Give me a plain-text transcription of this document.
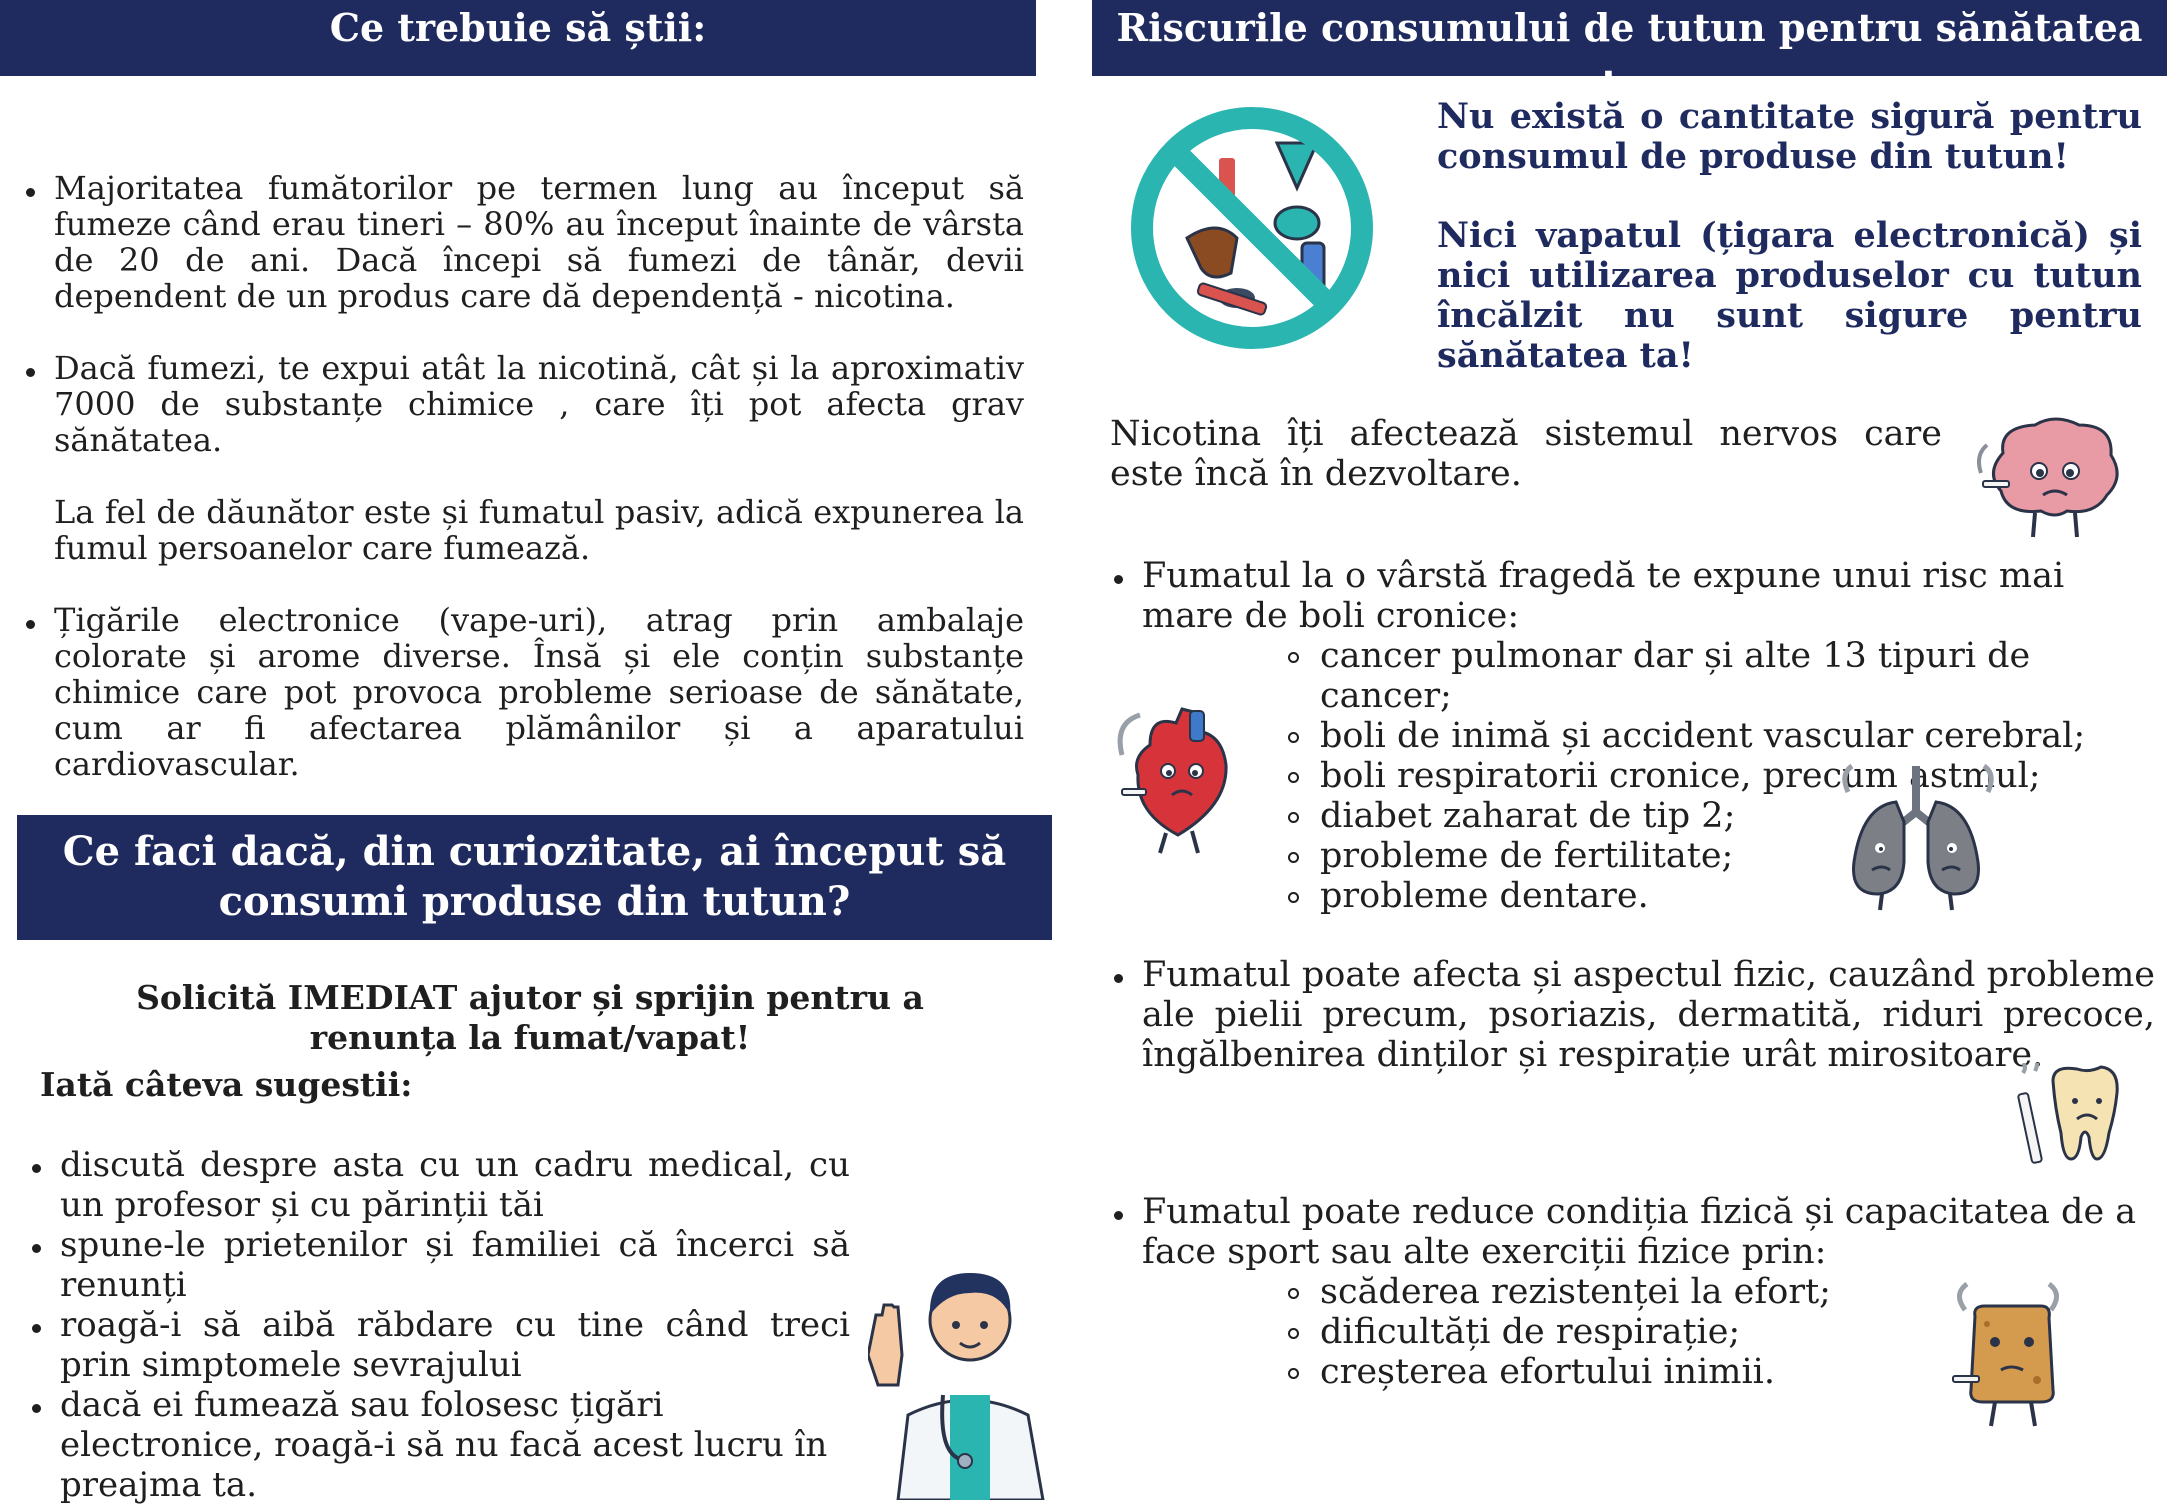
Ce trebuie să știi:
Majoritatea fumătorilor pe termen lung au început să fumeze când erau tineri – 80% au început înainte de vârsta de 20 de ani. Dacă începi să fumezi de tânăr, devii dependent de un produs care dă dependență - nicotina.
Dacă fumezi, te expui atât la nicotină, cât și la aproximativ 7000 de substanțe chimice , care îți pot afecta grav sănătatea.

La fel de dăunător este și fumatul pasiv, adică expunerea la fumul persoanelor care fumează.

Țigările electronice (vape-uri), atrag prin ambalaje colorate și arome diverse. Însă și ele conțin substanțe chimice care pot provoca probleme serioase de sănătate, cum ar fi afectarea plămânilor și a aparatului cardiovascular.
Ce faci dacă, din curiozitate, ai început să consumi produse din tutun?

Solicită IMEDIAT ajutor și sprijin pentru a renunța la fumat/vapat!

Iată câteva sugestii:

discută despre asta cu un cadru medical, cu un profesor și cu părinții tăi
spune-le prietenilor și familiei că încerci să renunți
roagă-i să aibă răbdare cu tine când treci prin simptomele sevrajului
dacă ei fumează sau folosesc țigări electronice, roagă-i să nu facă acest lucru în preajma ta.
Riscurile consumului de tutun pentru sănătatea ta:

Nu există o cantitate sigură pentru consumul de produse din tutun!

Nici vapatul (țigara electronică) și nici utilizarea produselor cu tutun încălzit nu sunt sigure pentru sănătatea ta!

Nicotina îți afectează sistemul nervos care este încă în dezvoltare.

Fumatul la o vârstă fragedă te expune unui risc mai mare de boli cronice:
cancer pulmonar dar și alte 13 tipuri de cancer;
boli de inimă și accident vascular cerebral;
boli respiratorii cronice, precum astmul;
diabet zaharat de tip 2;
probleme de fertilitate;
probleme dentare.
Fumatul poate afecta și aspectul fizic, cauzând probleme ale pielii precum, psoriazis, dermatită, riduri precoce, îngălbenirea dinților și respirație urât mirositoare.
Fumatul poate reduce condiția fizică și capacitatea de a face sport sau alte exerciții fizice prin:
scăderea rezistenței la efort;
dificultăți de respirație;
creșterea efortului inimii.
